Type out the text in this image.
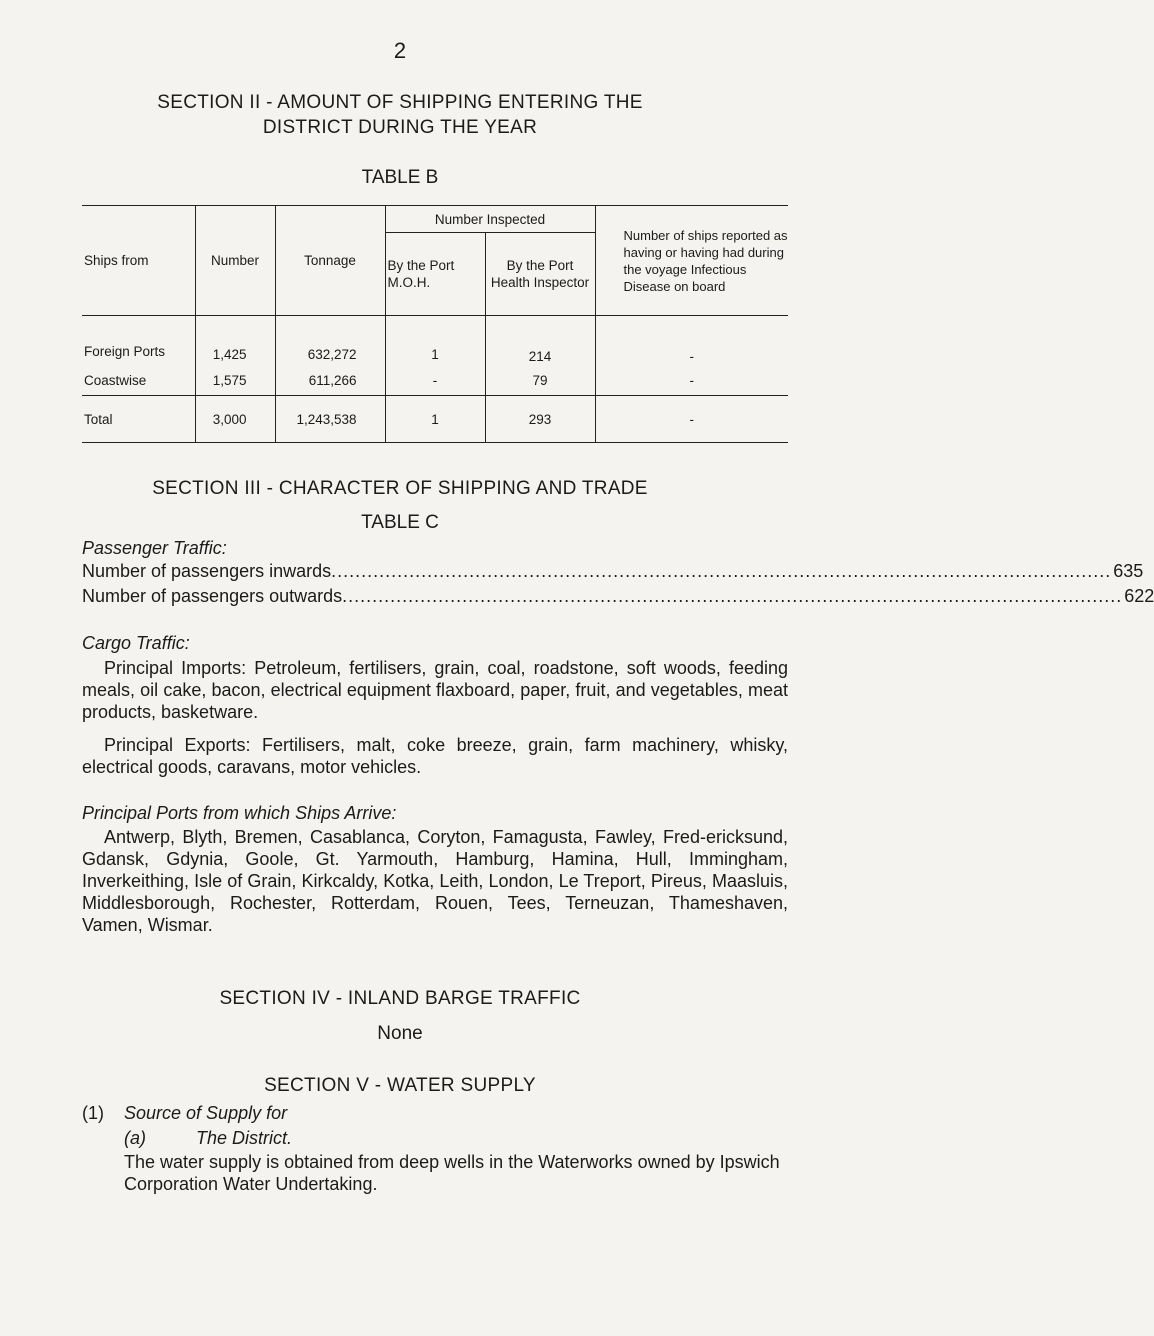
2
SECTION II - AMOUNT OF SHIPPING ENTERING THE
DISTRICT DURING THE YEAR
TABLE B
Ships from	Number	Tonnage	Number Inspected		Number of ships reported as having or having had during the voyage Infectious Disease on board
			By the Port M.O.H.	By the Port Health Inspector	
Foreign Ports	1,425	632,272	1	214	-
Coastwise	1,575	611,266	-	79	-
Total	3,000	1,243,538	1	293	-
SECTION III - CHARACTER OF SHIPPING AND TRADE
TABLE C
Passenger Traffic:
Number of passengers inwards .................................................................................................................................. 635
Number of passengers outwards .................................................................................................................................. 622
Cargo Traffic:

Principal Imports: Petroleum, fertilisers, grain, coal, roadstone, soft woods, feeding meals, oil cake, bacon, electrical equipment flaxboard, paper, fruit, and vegetables, meat products, basketware.

Principal Exports: Fertilisers, malt, coke breeze, grain, farm machinery, whisky, electrical goods, caravans, motor vehicles.

Principal Ports from which Ships Arrive:

Antwerp, Blyth, Bremen, Casablanca, Coryton, Famagusta, Fawley, Fred-ericksund, Gdansk, Gdynia, Goole, Gt. Yarmouth, Hamburg, Hamina, Hull, Immingham, Inverkeithing, Isle of Grain, Kirkcaldy, Kotka, Leith, London, Le Treport, Pireus, Maasluis, Middlesborough, Rochester, Rotterdam, Rouen, Tees, Terneuzan, Thameshaven, Vamen, Wismar.

SECTION IV - INLAND BARGE TRAFFIC
None
SECTION V - WATER SUPPLY
(1)	Source of Supply for
(a)	The District.

The water supply is obtained from deep wells in the Waterworks owned by Ipswich Corporation Water Undertaking.
